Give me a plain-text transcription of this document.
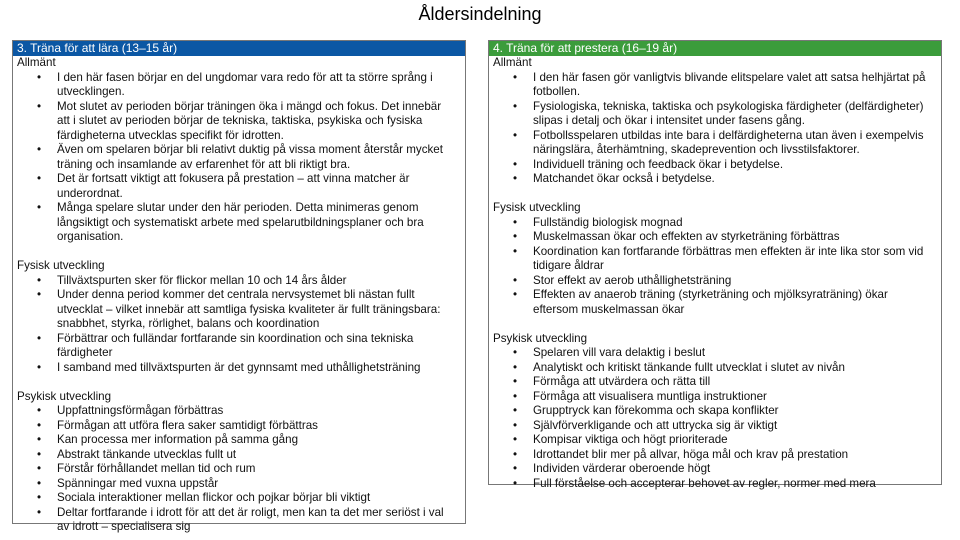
Åldersindelning
3. Träna för att lära (13–15 år)
Allmänt
• I den här fasen börjar en del ungdomar vara redo för att ta större språng i utvecklingen.
• Mot slutet av perioden börjar träningen öka i mängd och fokus. Det innebär att i slutet av perioden börjar de tekniska, taktiska, psykiska och fysiska färdigheterna utvecklas specifikt för idrotten.
• Även om spelaren börjar bli relativt duktig på vissa moment återstår mycket träning och insamlande av erfarenhet för att bli riktigt bra.
• Det är fortsatt viktigt att fokusera på prestation – att vinna matcher är underordnat.
• Många spelare slutar under den här perioden. Detta minimeras genom långsiktigt och systematiskt arbete med spelarutbildningsplaner och bra organisation.
Fysisk utveckling
• Tillväxtspurten sker för flickor mellan 10 och 14 års ålder
• Under denna period kommer det centrala nervsystemet bli nästan fullt utvecklat – vilket innebär att samtliga fysiska kvaliteter är fullt träningsbara: snabbhet, styrka, rörlighet, balans och koordination
• Förbättrar och fulländar fortfarande sin koordination och sina tekniska färdigheter
• I samband med tillväxtspurten är det gynnsamt med uthållighetsträning
Psykisk utveckling
• Uppfattningsförmågan förbättras
• Förmågan att utföra flera saker samtidigt förbättras
• Kan processa mer information på samma gång
• Abstrakt tänkande utvecklas fullt ut
• Förstår förhållandet mellan tid och rum
• Spänningar med vuxna uppstår
• Sociala interaktioner mellan flickor och pojkar börjar bli viktigt
• Deltar fortfarande i idrott för att det är roligt, men kan ta det mer seriöst i val av idrott – specialisera sig
4. Träna för att prestera (16–19 år)
Allmänt
• I den här fasen gör vanligtvis blivande elitspelare valet att satsa helhjärtat på fotbollen.
• Fysiologiska, tekniska, taktiska och psykologiska färdigheter (delfärdigheter) slipas i detalj och ökar i intensitet under fasens gång.
• Fotbollsspelaren utbildas inte bara i delfärdigheterna utan även i exempelvis näringslära, återhämtning, skadeprevention och livsstilsfaktorer.
• Individuell träning och feedback ökar i betydelse.
• Matchandet ökar också i betydelse.
Fysisk utveckling
• Fullständig biologisk mognad
• Muskelmassan ökar och effekten av styrketräning förbättras
• Koordination kan fortfarande förbättras men effekten är inte lika stor som vid tidigare åldrar
• Stor effekt av aerob uthållighetsträning
• Effekten av anaerob träning (styrketräning och mjölksyraträning) ökar eftersom muskelmassan ökar
Psykisk utveckling
• Spelaren vill vara delaktig i beslut
• Analytiskt och kritiskt tänkande fullt utvecklat i slutet av nivån
• Förmåga att utvärdera och rätta till
• Förmåga att visualisera muntliga instruktioner
• Grupptryck kan förekomma och skapa konflikter
• Självförverkligande och att uttrycka sig är viktigt
• Kompisar viktiga och högt prioriterade
• Idrottandet blir mer på allvar, höga mål och krav på prestation
• Individen värderar oberoende högt
• Full förståelse och accepterar behovet av regler, normer med mera
